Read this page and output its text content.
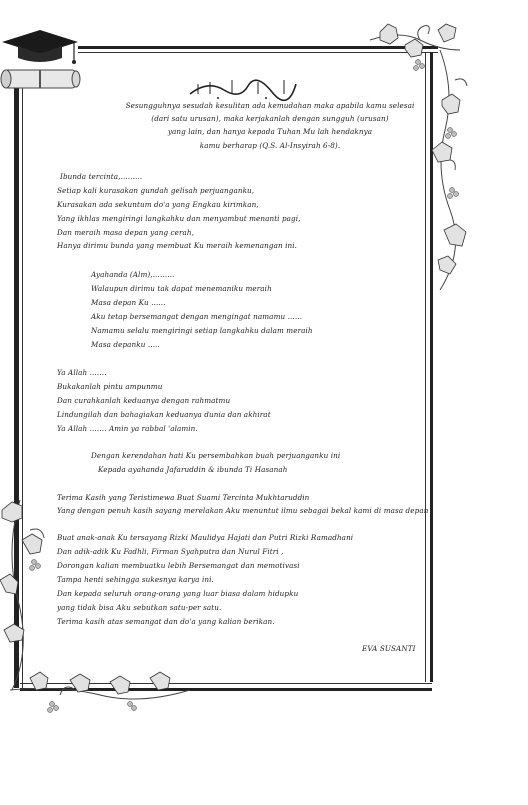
Sesungguhnya sesudah kesulitan ada kemudahan maka apabila kamu selesai
(dari satu urusan), maka kerjakanlah dengan sungguh (urusan)
yang lain, dan hanya kepada Tuhan Mu lah hendaknya
kamu berharap (Q.S. Al-Insyirah 6-8).
Ibunda tercinta,………
Setiap kali kurasakan gundah gelisah perjuanganku,
Kurasakan ada sekuntum do'a yang Engkau kirimkan,
Yang ikhlas mengiringi langkahku dan menyambut menanti pagi,
Dan meraih masa depan yang cerah,
Hanya dirimu bunda yang membuat Ku meraih kemenangan ini.
Ayahanda (Alm),………
Walaupun dirimu tak dapat menemaniku meraih
Masa depan Ku ……
Aku tetap bersemangat dengan mengingat namamu ……
Namamu selalu mengiringi setiap langkahku dalam meraih
Masa depanku …..
Ya Allah …….
Bukakanlah pintu ampunmu
Dan curahkanlah keduanya dengan rahmatmu
Lindungilah dan bahagiakan keduanya dunia dan akhirat
Ya Allah ……. Amin ya rabbal 'alamin.
Dengan kerendahan hati Ku persembahkan buah perjuanganku ini
Kepada ayahanda Jafaruddin & ibunda Ti Hasanah
Terima Kasih yang Teristimewa Buat Suami Tercinta Mukhtaruddin
Yang dengan penuh kasih sayang merelakan Aku menuntut ilmu sebagai bekal kami di masa depan
Buat anak-anak Ku tersayang Rizki Maulidya Hajati dan Putri Rizki Ramadhani
Dan adik-adik Ku Fadhli, Firman Syahputra dan Nurul Fitri ,
Dorongan kalian membuatku lebih Bersemangat dan memotivasi
Tampa henti sehingga sukesnya karya ini.
Dan kepada seluruh orang-orang yang luar biasa dalam hidupku
yang tidak bisa Aku sebutkan satu-per satu.
Terima kasih atas semangat dan do'a yang kalian berikan.
EVA SUSANTI
